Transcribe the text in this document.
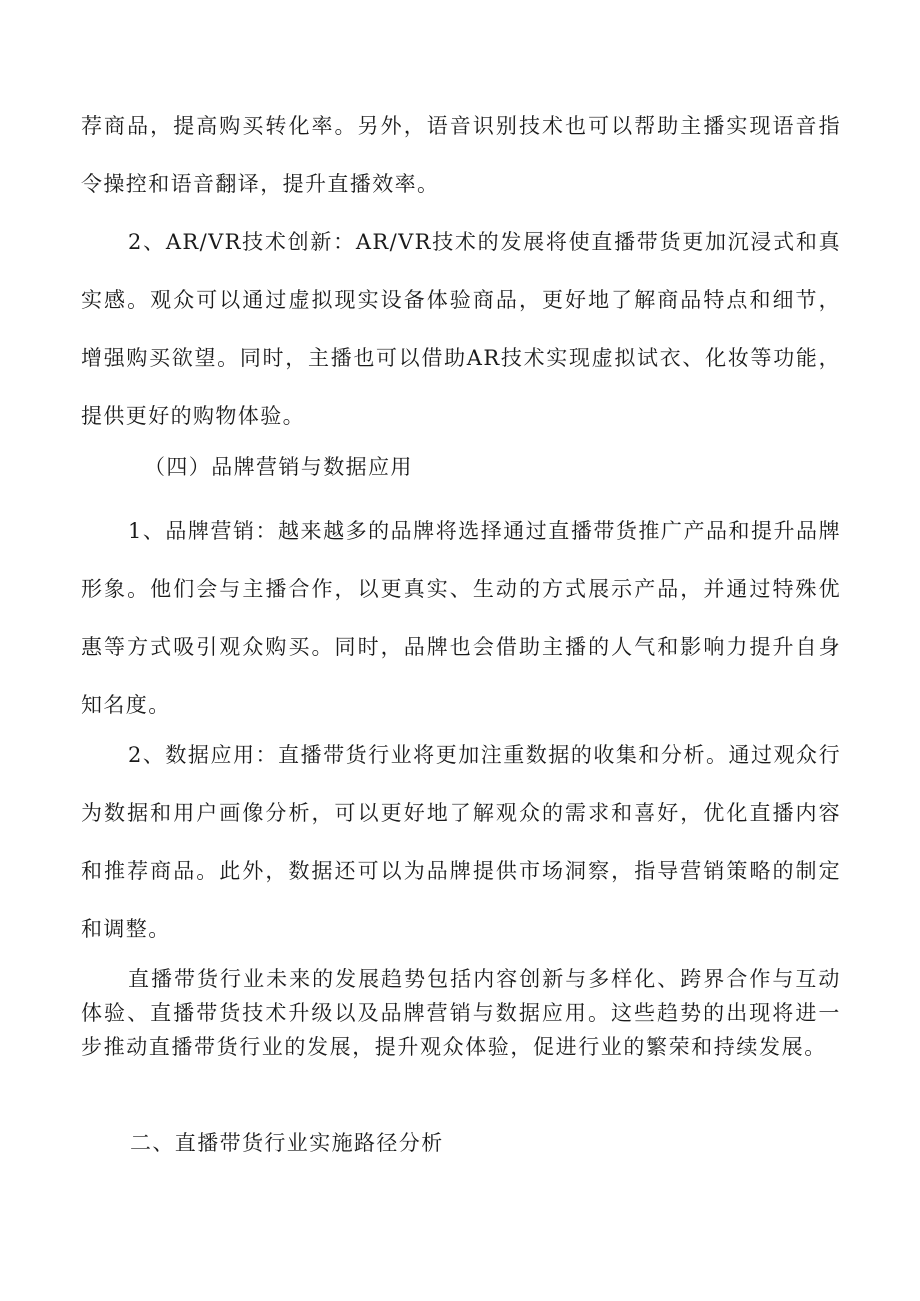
荐商品，提高购买转化率。另外，语音识别技术也可以帮助主播实现语音指令操控和语音翻译，提升直播效率。

2、AR/VR技术创新：AR/VR技术的发展将使直播带货更加沉浸式和真实感。观众可以通过虚拟现实设备体验商品，更好地了解商品特点和细节，增强购买欲望。同时，主播也可以借助AR技术实现虚拟试衣、化妆等功能，提供更好的购物体验。

（四）品牌营销与数据应用

1、品牌营销：越来越多的品牌将选择通过直播带货推广产品和提升品牌形象。他们会与主播合作，以更真实、生动的方式展示产品，并通过特殊优惠等方式吸引观众购买。同时，品牌也会借助主播的人气和影响力提升自身知名度。

2、数据应用：直播带货行业将更加注重数据的收集和分析。通过观众行为数据和用户画像分析，可以更好地了解观众的需求和喜好，优化直播内容和推荐商品。此外，数据还可以为品牌提供市场洞察，指导营销策略的制定和调整。

直播带货行业未来的发展趋势包括内容创新与多样化、跨界合作与互动体验、直播带货技术升级以及品牌营销与数据应用。这些趋势的出现将进一步推动直播带货行业的发展，提升观众体验，促进行业的繁荣和持续发展。

二、直播带货行业实施路径分析
